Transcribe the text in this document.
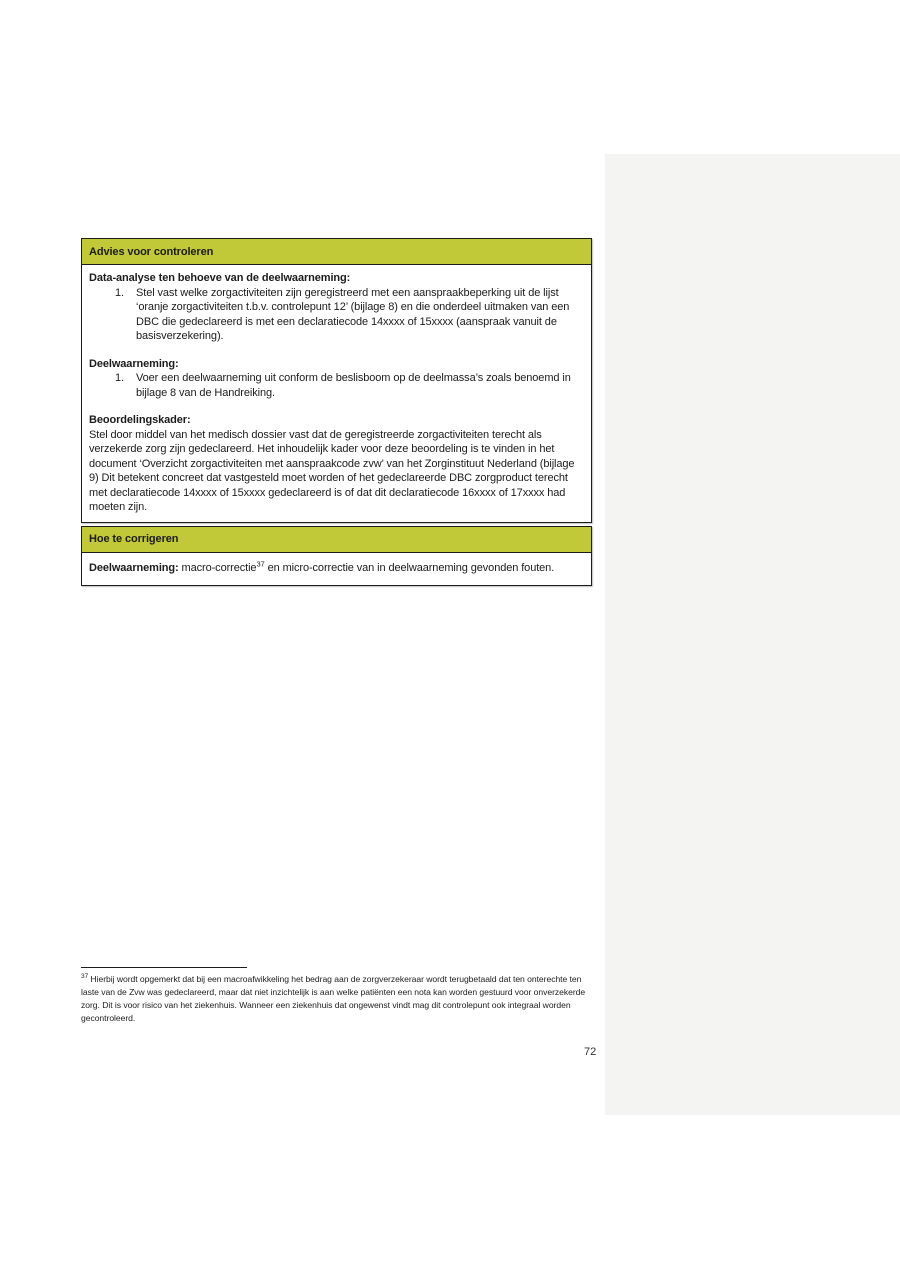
Advies voor controleren
Data-analyse ten behoeve van de deelwaarneming:
1.	Stel vast welke zorgactiviteiten zijn geregistreerd met een aanspraakbeperking uit de lijst ‘oranje zorgactiviteiten t.b.v. controlepunt 12’ (bijlage 8) en die onderdeel uitmaken van een DBC die gedeclareerd is met een declaratiecode 14xxxx of 15xxxx (aanspraak vanuit de basisverzekering).
Deelwaarneming:
1.	Voer een deelwaarneming uit conform de beslisboom op de deelmassa’s zoals benoemd in bijlage 8 van de Handreiking.
Beoordelingskader:
Stel door middel van het medisch dossier vast dat de geregistreerde zorgactiviteiten terecht als verzekerde zorg zijn gedeclareerd. Het inhoudelijk kader voor deze beoordeling is te vinden in het document ‘Overzicht zorgactiviteiten met aanspraakcode zvw’ van het Zorginstituut Nederland (bijlage 9) Dit betekent concreet dat vastgesteld moet worden of het gedeclareerde DBC zorgproduct terecht met declaratiecode 14xxxx of 15xxxx gedeclareerd is of dat dit declaratiecode 16xxxx of 17xxxx had moeten zijn.
Hoe te corrigeren
Deelwaarneming: macro-correctie$^{37}$ en micro-correctie van in deelwaarneming gevonden fouten.
$^{37}$ Hierbij wordt opgemerkt dat bij een macroafwikkeling het bedrag aan de zorgverzekeraar wordt terugbetaald dat ten onterechte ten laste van de Zvw was gedeclareerd, maar dat niet inzichtelijk is aan welke patiënten een nota kan worden gestuurd voor onverzekerde zorg. Dit is voor risico van het ziekenhuis. Wanneer een ziekenhuis dat ongewenst vindt mag dit controlepunt ook integraal worden gecontroleerd.
72
